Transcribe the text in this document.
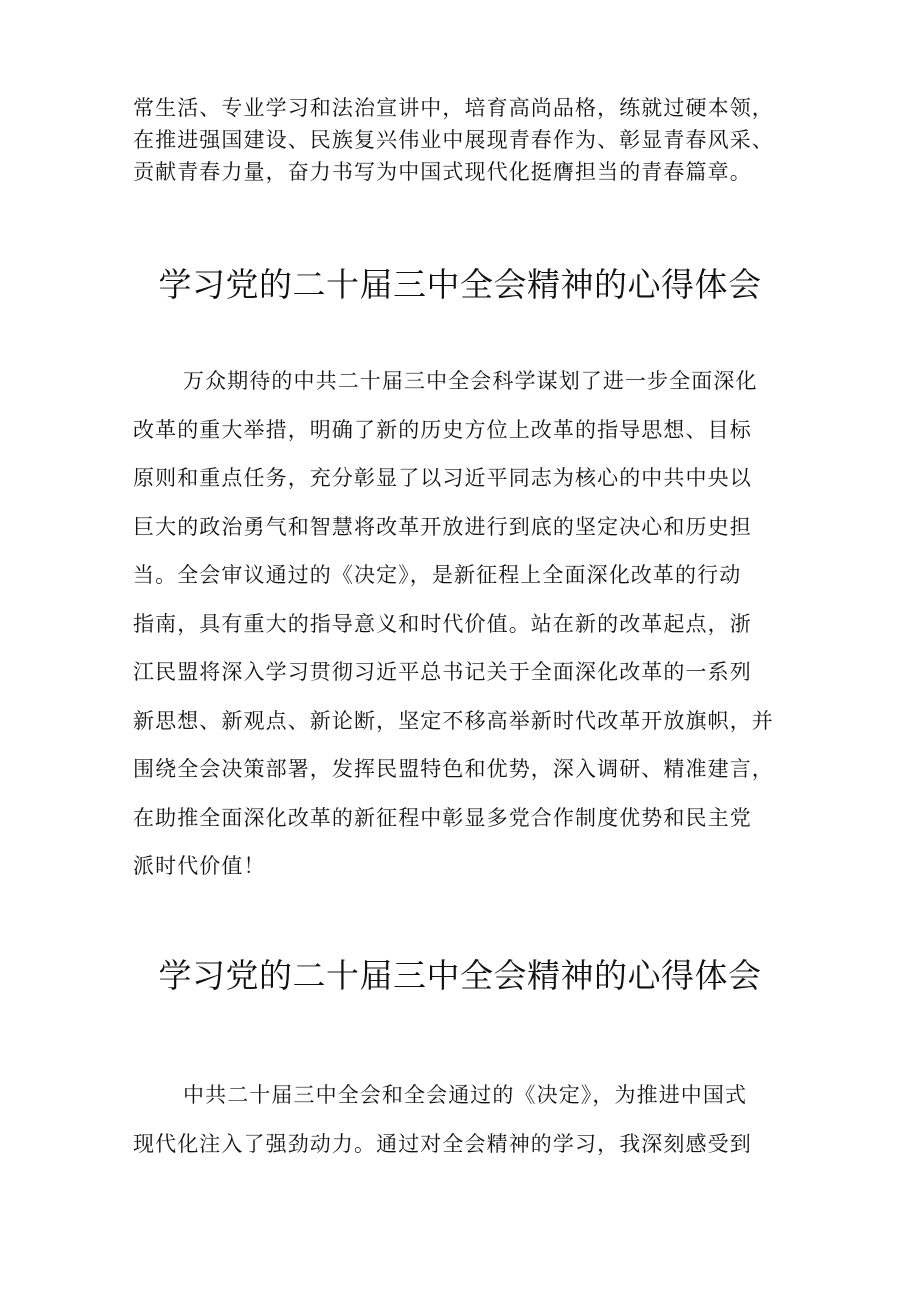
常生活、专业学习和法治宣讲中，培育高尚品格，练就过硬本领，
在推进强国建设、民族复兴伟业中展现青春作为、彰显青春风采、
贡献青春力量，奋力书写为中国式现代化挺膺担当的青春篇章。
学习党的二十届三中全会精神的心得体会
万众期待的中共二十届三中全会科学谋划了进一步全面深化
改革的重大举措，明确了新的历史方位上改革的指导思想、目标
原则和重点任务，充分彰显了以习近平同志为核心的中共中央以
巨大的政治勇气和智慧将改革开放进行到底的坚定决心和历史担
当。全会审议通过的《决定》，是新征程上全面深化改革的行动
指南，具有重大的指导意义和时代价值。站在新的改革起点，浙
江民盟将深入学习贯彻习近平总书记关于全面深化改革的一系列
新思想、新观点、新论断，坚定不移高举新时代改革开放旗帜，并
围绕全会决策部署，发挥民盟特色和优势，深入调研、精准建言，
在助推全面深化改革的新征程中彰显多党合作制度优势和民主党
派时代价值！
学习党的二十届三中全会精神的心得体会
中共二十届三中全会和全会通过的《决定》，为推进中国式
现代化注入了强劲动力。通过对全会精神的学习，我深刻感受到
